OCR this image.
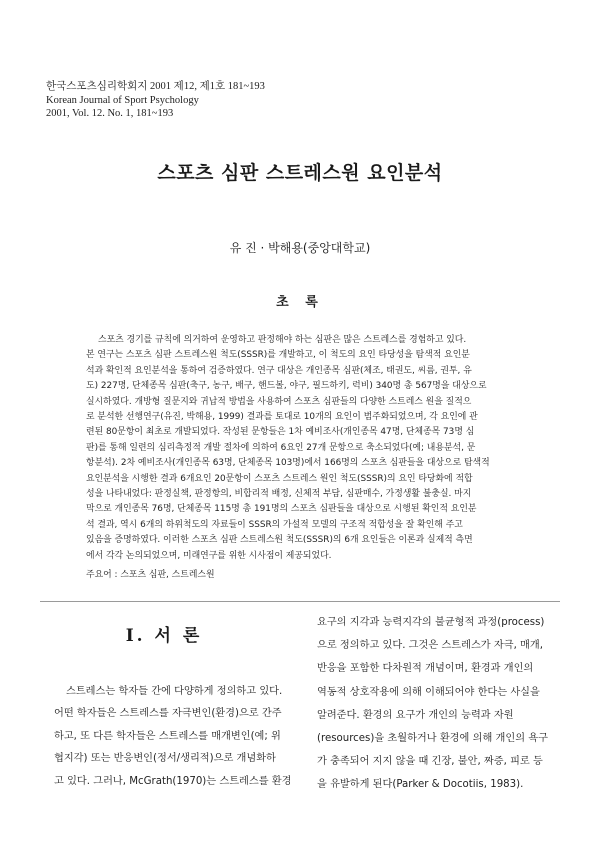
한국스포츠심리학회지 2001 제12, 제1호 181~193
Korean Journal of Sport Psychology
2001, Vol. 12. No. 1, 181~193
스포츠 심판 스트레스원 요인분석
유 진 · 박해용(중앙대학교)
초 록
스포츠 경기를 규칙에 의거하여 운영하고 판정해야 하는 심판은 많은 스트레스를 경험하고 있다.
본 연구는 스포츠 심판 스트레스원 척도(SSSR)를 개발하고, 이 척도의 요인 타당성을 탐색적 요인분
석과 확인적 요인분석을 통하여 검증하였다. 연구 대상은 개인종목 심판(체조, 태권도, 씨름, 권투, 유
도) 227명, 단체종목 심판(축구, 농구, 배구, 핸드볼, 야구, 필드하키, 럭비) 340명 총 567명을 대상으로
실시하였다. 개방형 질문지와 귀납적 방법을 사용하여 스포츠 심판들의 다양한 스트레스 원을 질적으
로 분석한 선행연구(유진, 박해용, 1999) 결과를 토대로 10개의 요인이 범주화되었으며, 각 요인에 관
련된 80문항이 최초로 개발되었다. 작성된 문항들은 1차 예비조사(개인종목 47명, 단체종목 73명 심
판)를 통해 일련의 심리측정적 개발 절차에 의하여 6요인 27개 문항으로 축소되었다(예; 내용분석, 문
항분석). 2차 예비조사(개인종목 63명, 단체종목 103명)에서 166명의 스포츠 심판들을 대상으로 탐색적
요인분석을 시행한 결과 6개요인 20문항이 스포츠 스트레스 원인 척도(SSSR)의 요인 타당화에 적합
성을 나타내었다: 판정실책, 판정항의, 비합리적 배정, 신체적 부담, 심판매수, 가정생활 불충실. 마지
막으로 개인종목 76명, 단체종목 115명 총 191명의 스포츠 심판들을 대상으로 시행된 확인적 요인분
석 결과, 역시 6개의 하위척도의 자료들이 SSSR의 가설적 모델의 구조적 적합성을 잘 확인해 주고
있음을 증명하였다. 이러한 스포츠 심판 스트레스원 척도(SSSR)의 6개 요인들은 이론과 실제적 측면
에서 각각 논의되었으며, 미래연구를 위한 시사점이 제공되었다.
주요어 : 스포츠 심판, 스트레스원
I. 서 론
스트레스는 학자들 간에 다양하게 정의하고 있다.
어떤 학자들은 스트레스를 자극변인(환경)으로 간주
하고, 또 다른 학자들은 스트레스를 매개변인(예; 위
협지각) 또는 반응변인(정서/생리적)으로 개념화하
고 있다. 그러나, McGrath(1970)는 스트레스를 환경
요구의 지각과 능력지각의 불균형적 과정(process)
으로 정의하고 있다. 그것은 스트레스가 자극, 매개,
반응을 포함한 다차원적 개념이며, 환경과 개인의
역동적 상호작용에 의해 이해되어야 한다는 사실을
알려준다. 환경의 요구가 개인의 능력과 자원
(resources)을 초월하거나 환경에 의해 개인의 욕구
가 충족되어 지지 않을 때 긴장, 불안, 짜증, 피로 등
을 유발하게 된다(Parker & Docotiis, 1983).
